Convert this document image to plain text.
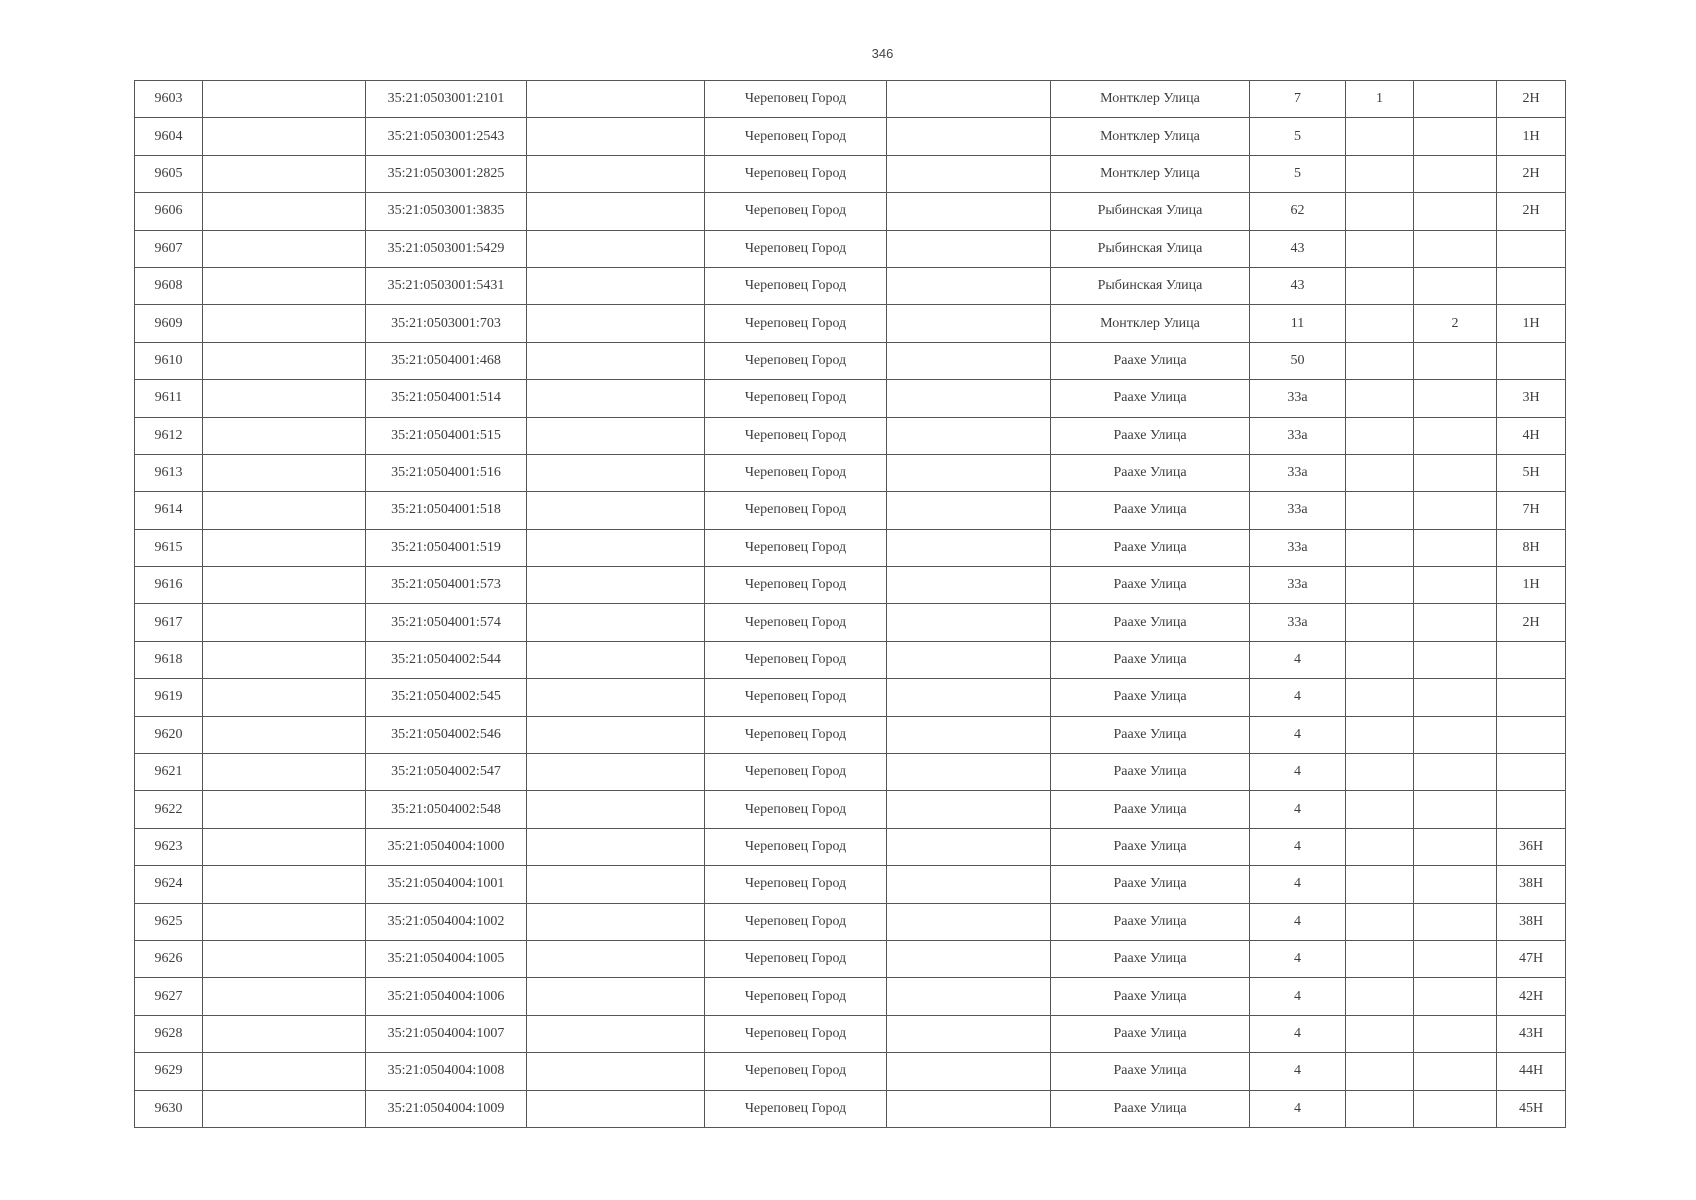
346
9603		35:21:0503001:2101		Череповец Город		Монтклер Улица	7	1		2Н
9604		35:21:0503001:2543		Череповец Город		Монтклер Улица	5			1Н
9605		35:21:0503001:2825		Череповец Город		Монтклер Улица	5			2Н
9606		35:21:0503001:3835		Череповец Город		Рыбинская Улица	62			2Н
9607		35:21:0503001:5429		Череповец Город		Рыбинская Улица	43			
9608		35:21:0503001:5431		Череповец Город		Рыбинская Улица	43			
9609		35:21:0503001:703		Череповец Город		Монтклер Улица	11		2	1Н
9610		35:21:0504001:468		Череповец Город		Раахе Улица	50			
9611		35:21:0504001:514		Череповец Город		Раахе Улица	33а			3Н
9612		35:21:0504001:515		Череповец Город		Раахе Улица	33а			4Н
9613		35:21:0504001:516		Череповец Город		Раахе Улица	33а			5Н
9614		35:21:0504001:518		Череповец Город		Раахе Улица	33а			7Н
9615		35:21:0504001:519		Череповец Город		Раахе Улица	33а			8Н
9616		35:21:0504001:573		Череповец Город		Раахе Улица	33а			1Н
9617		35:21:0504001:574		Череповец Город		Раахе Улица	33а			2Н
9618		35:21:0504002:544		Череповец Город		Раахе Улица	4			
9619		35:21:0504002:545		Череповец Город		Раахе Улица	4			
9620		35:21:0504002:546		Череповец Город		Раахе Улица	4			
9621		35:21:0504002:547		Череповец Город		Раахе Улица	4			
9622		35:21:0504002:548		Череповец Город		Раахе Улица	4			
9623		35:21:0504004:1000		Череповец Город		Раахе Улица	4			36Н
9624		35:21:0504004:1001		Череповец Город		Раахе Улица	4			38Н
9625		35:21:0504004:1002		Череповец Город		Раахе Улица	4			38Н
9626		35:21:0504004:1005		Череповец Город		Раахе Улица	4			47Н
9627		35:21:0504004:1006		Череповец Город		Раахе Улица	4			42Н
9628		35:21:0504004:1007		Череповец Город		Раахе Улица	4			43Н
9629		35:21:0504004:1008		Череповец Город		Раахе Улица	4			44Н
9630		35:21:0504004:1009		Череповец Город		Раахе Улица	4			45Н
